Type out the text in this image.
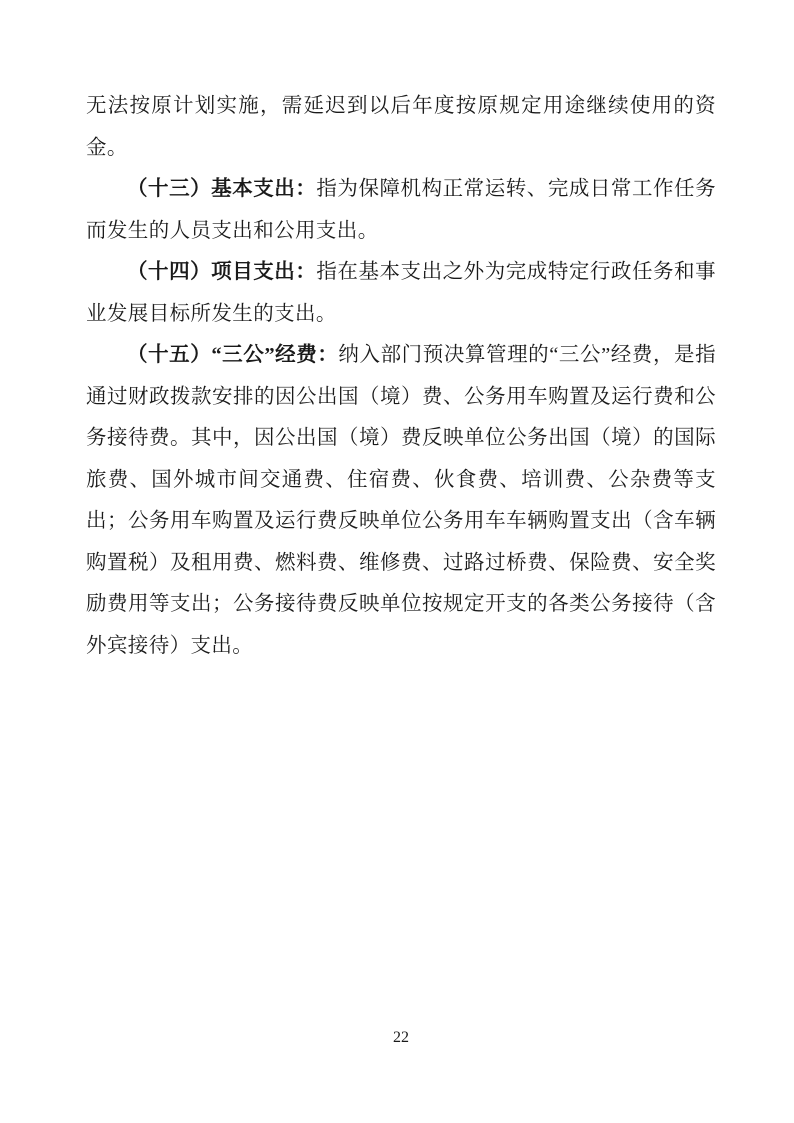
无法按原计划实施，需延迟到以后年度按原规定用途继续使用的资金。

（十三）基本支出：指为保障机构正常运转、完成日常工作任务而发生的人员支出和公用支出。

（十四）项目支出：指在基本支出之外为完成特定行政任务和事业发展目标所发生的支出。

（十五）“三公”经费：纳入部门预决算管理的“三公”经费，是指通过财政拨款安排的因公出国（境）费、公务用车购置及运行费和公务接待费。其中，因公出国（境）费反映单位公务出国（境）的国际旅费、国外城市间交通费、住宿费、伙食费、培训费、公杂费等支出；公务用车购置及运行费反映单位公务用车车辆购置支出（含车辆购置税）及租用费、燃料费、维修费、过路过桥费、保险费、安全奖励费用等支出；公务接待费反映单位按规定开支的各类公务接待（含外宾接待）支出。

22
